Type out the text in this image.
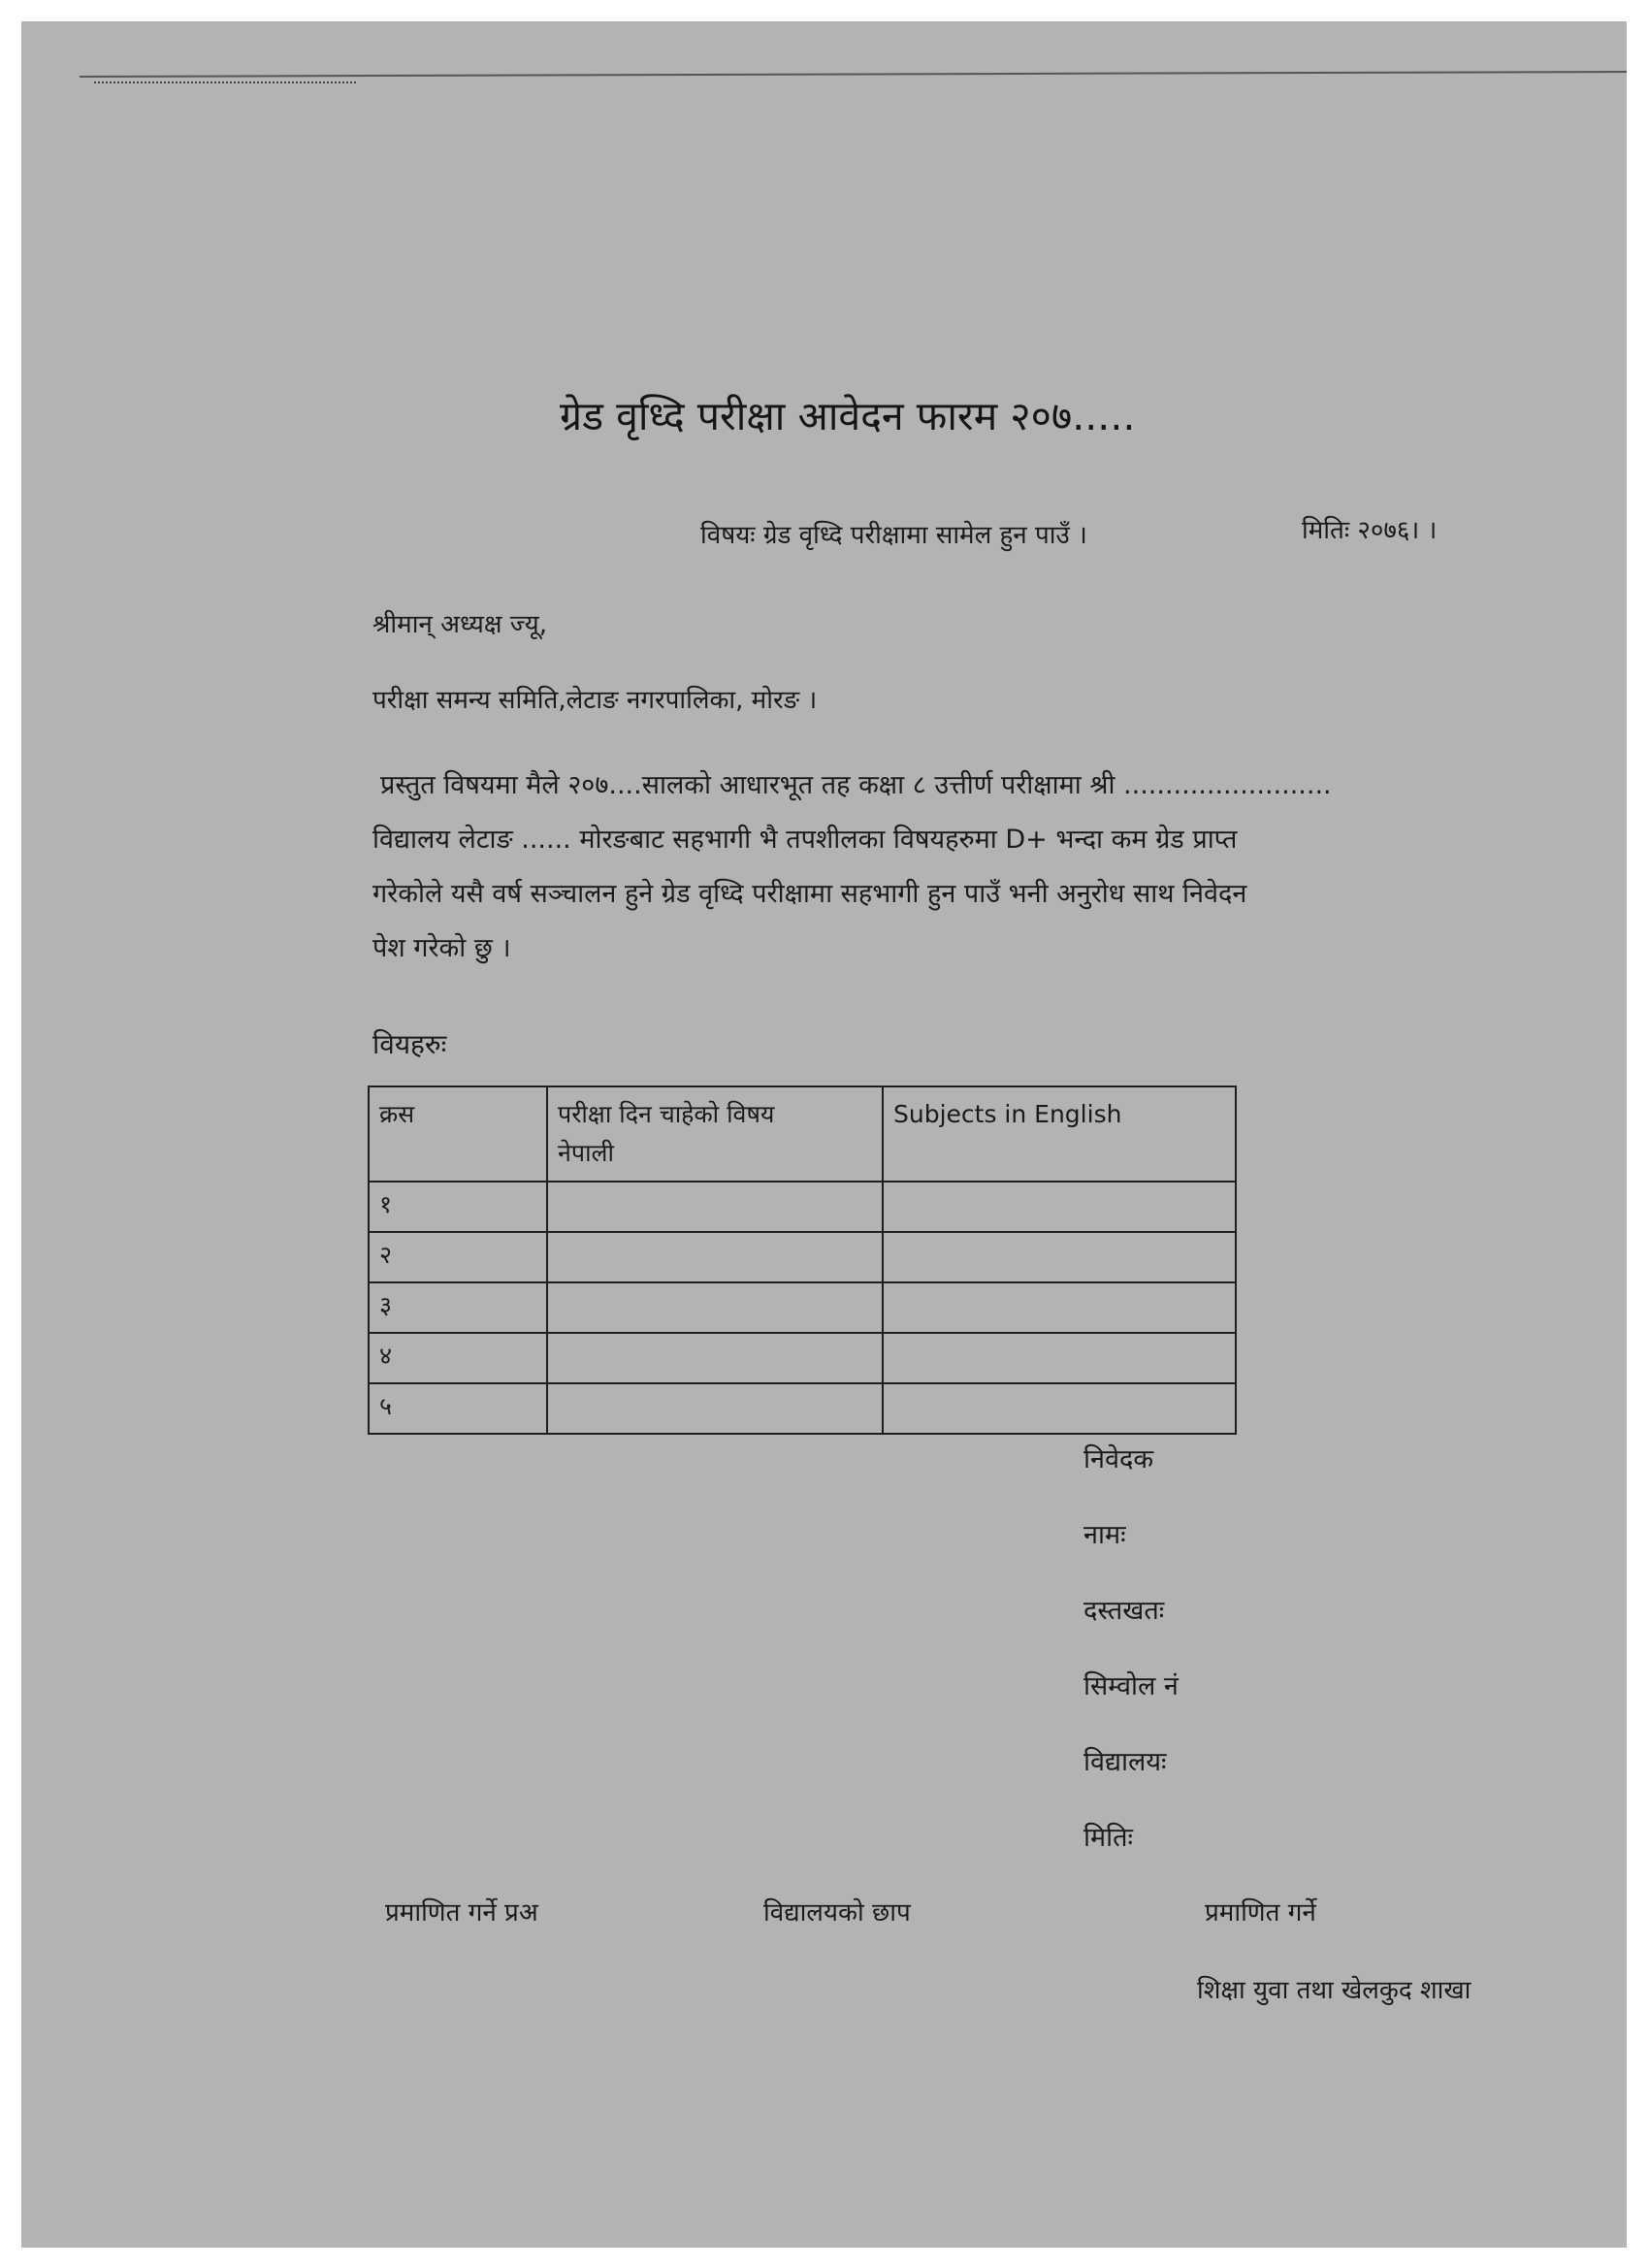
ग्रेड वृध्दि परीक्षा आवेदन फारम २०७.....
विषयः ग्रेड वृध्दि परीक्षामा सामेल हुन पाउँ ।	मितिः २०७६। ।
श्रीमान् अध्यक्ष ज्यू,
परीक्षा समन्य समिति,लेटाङ नगरपालिका, मोरङ ।
प्रस्तुत विषयमा मैले २०७....सालको आधारभूत तह कक्षा ८ उत्तीर्ण परीक्षामा श्री .........................
विद्यालय लेटाङ ...... मोरङबाट सहभागी भै तपशीलका विषयहरुमा D+ भन्दा कम ग्रेड प्राप्त
गरेकोले यसै वर्ष सञ्चालन हुने ग्रेड वृध्दि परीक्षामा सहभागी हुन पाउँ भनी अनुरोध साथ निवेदन
पेश गरेको छु ।
वियहरुः
क्रस	परीक्षा दिन चाहेको विषय नेपाली	Subjects in English
१		
२		
३		
४		
५		
निवेदक
नामः
दस्तखतः
सिम्वोल नं
विद्यालयः
मितिः
प्रमाणित गर्ने प्रअ	विद्यालयको छाप	प्रमाणित गर्ने
शिक्षा युवा तथा खेलकुद शाखा
